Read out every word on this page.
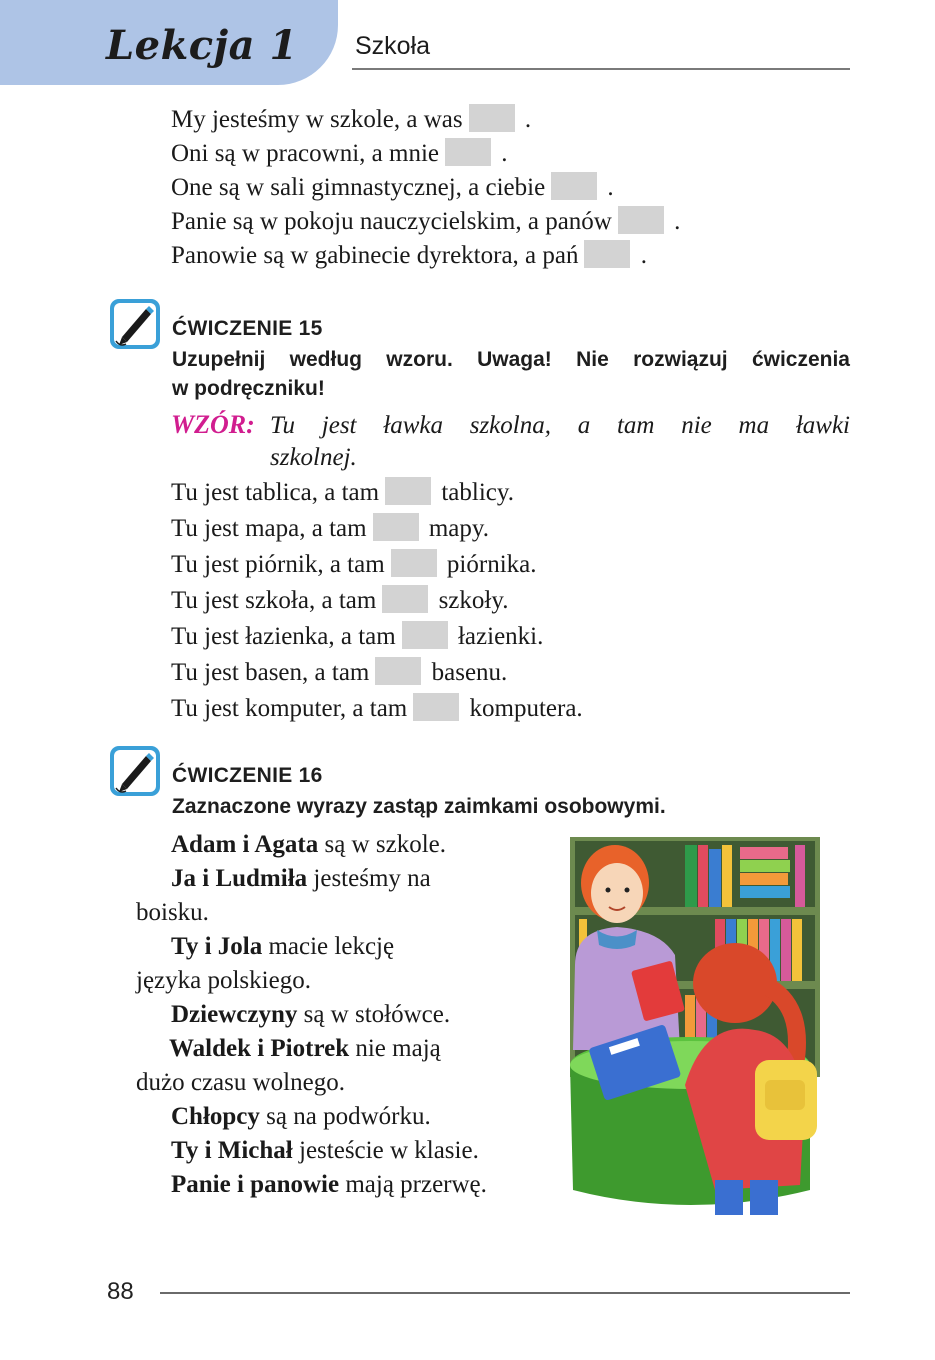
Lekcja 1 Szkoła
My jesteśmy w szkole, a was .
Oni są w pracowni, a mnie .
One są w sali gimnastycznej, a ciebie .
Panie są w pokoju nauczycielskim, a panów .
Panowie są w gabinecie dyrektora, a pań .
ĆWICZENIE 15
Uzupełnij według wzoru. Uwaga! Nie rozwiązuj ćwiczenia
w podręczniku!
WZÓR: Tu jest ławka szkolna, a tam nie ma ławki
szkolnej.
Tu jest tablica, a tam tablicy.
Tu jest mapa, a tam mapy.
Tu jest piórnik, a tam piórnika.
Tu jest szkoła, a tam szkoły.
Tu jest łazienka, a tam łazienki.
Tu jest basen, a tam basenu.
Tu jest komputer, a tam komputera.
ĆWICZENIE 16
Zaznaczone wyrazy zastąp zaimkami osobowymi.
Adam i Agata są w szkole.
Ja i Ludmiła jesteśmy na
boisku.
Ty i Jola macie lekcję
języka polskiego.
Dziewczyny są w stołówce.
Waldek i Piotrek nie mają
dużo czasu wolnego.
Chłopcy są na podwórku.
Ty i Michał jesteście w klasie.
Panie i panowie mają przerwę.
88
